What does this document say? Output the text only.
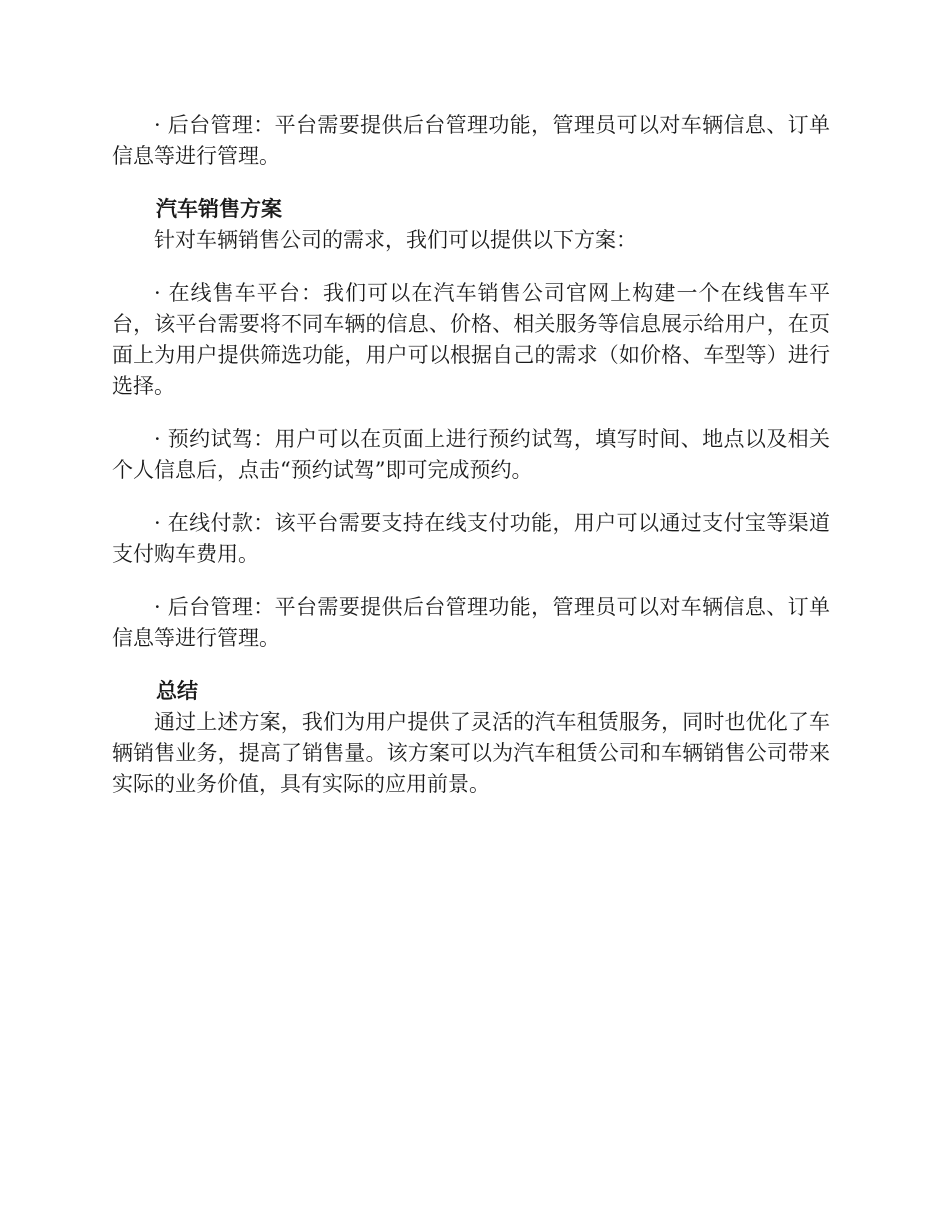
· 后台管理：平台需要提供后台管理功能，管理员可以对车辆信息、订单信息等进行管理。

汽车销售方案

针对车辆销售公司的需求，我们可以提供以下方案：

· 在线售车平台：我们可以在汽车销售公司官网上构建一个在线售车平台，该平台需要将不同车辆的信息、价格、相关服务等信息展示给用户，在页面上为用户提供筛选功能，用户可以根据自己的需求（如价格、车型等）进行选择。

· 预约试驾：用户可以在页面上进行预约试驾，填写时间、地点以及相关个人信息后，点击“预约试驾”即可完成预约。

· 在线付款：该平台需要支持在线支付功能，用户可以通过支付宝等渠道支付购车费用。

· 后台管理：平台需要提供后台管理功能，管理员可以对车辆信息、订单信息等进行管理。

总结

通过上述方案，我们为用户提供了灵活的汽车租赁服务，同时也优化了车辆销售业务，提高了销售量。该方案可以为汽车租赁公司和车辆销售公司带来实际的业务价值，具有实际的应用前景。
